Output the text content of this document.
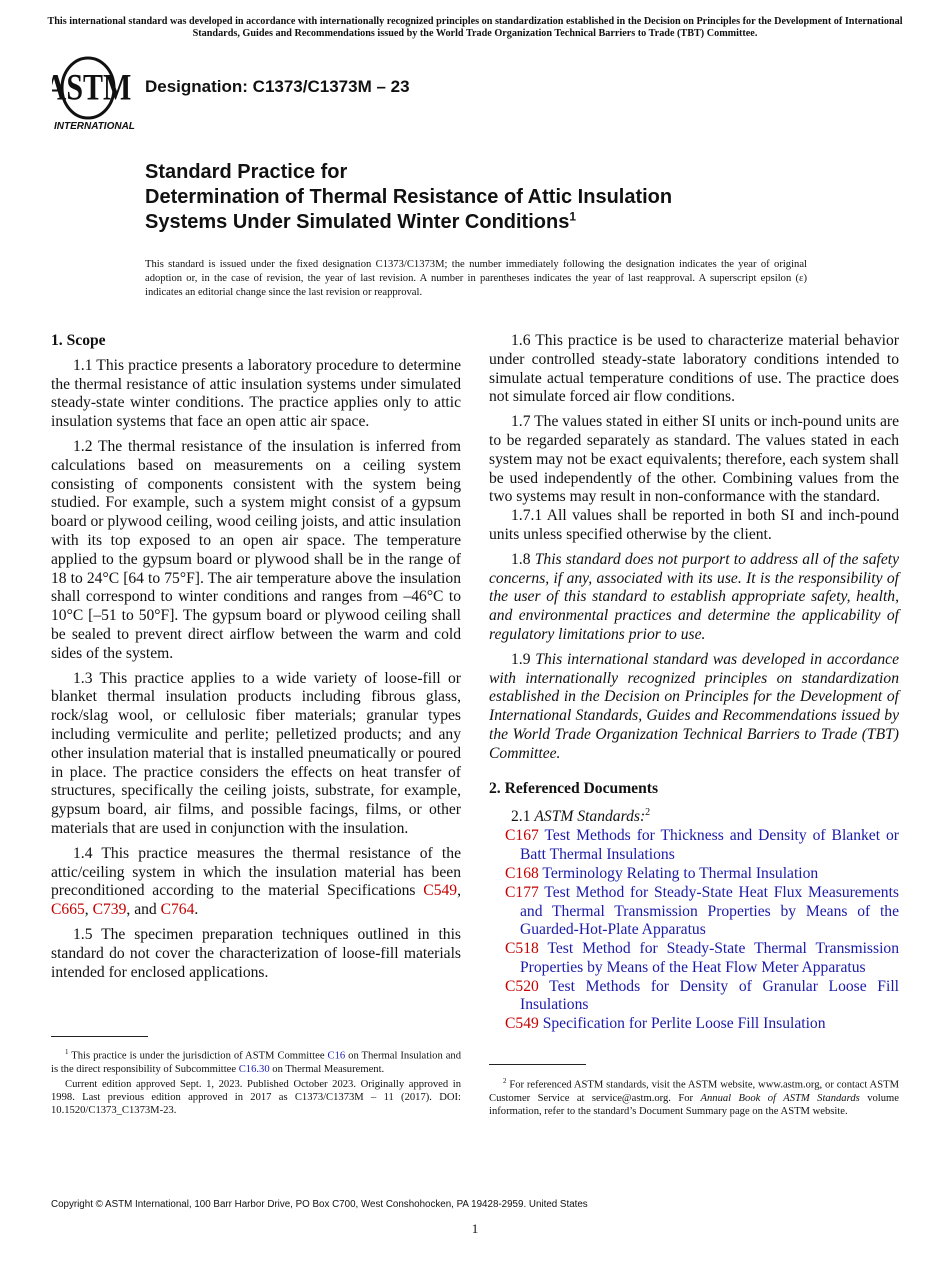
This international standard was developed in accordance with internationally recognized principles on standardization established in the Decision on Principles for the Development of International Standards, Guides and Recommendations issued by the World Trade Organization Technical Barriers to Trade (TBT) Committee.
ASTM
INTERNATIONAL
Designation: C1373/C1373M – 23
Standard Practice for
Determination of Thermal Resistance of Attic Insulation
Systems Under Simulated Winter Conditions$^1$
This standard is issued under the fixed designation C1373/C1373M; the number immediately following the designation indicates the year of original adoption or, in the case of revision, the year of last revision. A number in parentheses indicates the year of last reapproval. A superscript epsilon (ε) indicates an editorial change since the last revision or reapproval.
1. Scope

1.1 This practice presents a laboratory procedure to determine the thermal resistance of attic insulation systems under simulated steady-state winter conditions. The practice applies only to attic insulation systems that face an open attic air space.

1.2 The thermal resistance of the insulation is inferred from calculations based on measurements on a ceiling system consisting of components consistent with the system being studied. For example, such a system might consist of a gypsum board or plywood ceiling, wood ceiling joists, and attic insulation with its top exposed to an open air space. The temperature applied to the gypsum board or plywood shall be in the range of 18 to 24°C [64 to 75°F]. The air temperature above the insulation shall correspond to winter conditions and ranges from –46°C to 10°C [–51 to 50°F]. The gypsum board or plywood ceiling shall be sealed to prevent direct airflow between the warm and cold sides of the system.

1.3 This practice applies to a wide variety of loose-fill or blanket thermal insulation products including fibrous glass, rock/slag wool, or cellulosic fiber materials; granular types including vermiculite and perlite; pelletized products; and any other insulation material that is installed pneumatically or poured in place. The practice considers the effects on heat transfer of structures, specifically the ceiling joists, substrate, for example, gypsum board, air films, and possible facings, films, or other materials that are used in conjunction with the insulation.

1.4 This practice measures the thermal resistance of the attic/ceiling system in which the insulation material has been preconditioned according to the material Specifications C549, C665, C739, and C764.

1.5 The specimen preparation techniques outlined in this standard do not cover the characterization of loose-fill materials intended for enclosed applications.

1.6 This practice is be used to characterize material behavior under controlled steady-state laboratory conditions intended to simulate actual temperature conditions of use. The practice does not simulate forced air flow conditions.

1.7 The values stated in either SI units or inch-pound units are to be regarded separately as standard. The values stated in each system may not be exact equivalents; therefore, each system shall be used independently of the other. Combining values from the two systems may result in non-conformance with the standard.

1.7.1 All values shall be reported in both SI and inch-pound units unless specified otherwise by the client.

1.8 This standard does not purport to address all of the safety concerns, if any, associated with its use. It is the responsibility of the user of this standard to establish appropriate safety, health, and environmental practices and determine the applicability of regulatory limitations prior to use.

1.9 This international standard was developed in accordance with internationally recognized principles on standardization established in the Decision on Principles for the Development of International Standards, Guides and Recommendations issued by the World Trade Organization Technical Barriers to Trade (TBT) Committee.

2. Referenced Documents

2.1 ASTM Standards:$^2$

C167 Test Methods for Thickness and Density of Blanket or Batt Thermal Insulations
C168 Terminology Relating to Thermal Insulation
C177 Test Method for Steady-State Heat Flux Measurements and Thermal Transmission Properties by Means of the Guarded-Hot-Plate Apparatus
C518 Test Method for Steady-State Thermal Transmission Properties by Means of the Heat Flow Meter Apparatus
C520 Test Methods for Density of Granular Loose Fill Insulations
C549 Specification for Perlite Loose Fill Insulation

$^1$ This practice is under the jurisdiction of ASTM Committee C16 on Thermal Insulation and is the direct responsibility of Subcommittee C16.30 on Thermal Measurement.

Current edition approved Sept. 1, 2023. Published October 2023. Originally approved in 1998. Last previous edition approved in 2017 as C1373/C1373M – 11 (2017). DOI: 10.1520/C1373_C1373M-23.

$^2$ For referenced ASTM standards, visit the ASTM website, www.astm.org, or contact ASTM Customer Service at service@astm.org. For Annual Book of ASTM Standards volume information, refer to the standard’s Document Summary page on the ASTM website.

Copyright © ASTM International, 100 Barr Harbor Drive, PO Box C700, West Conshohocken, PA 19428-2959. United States
1
